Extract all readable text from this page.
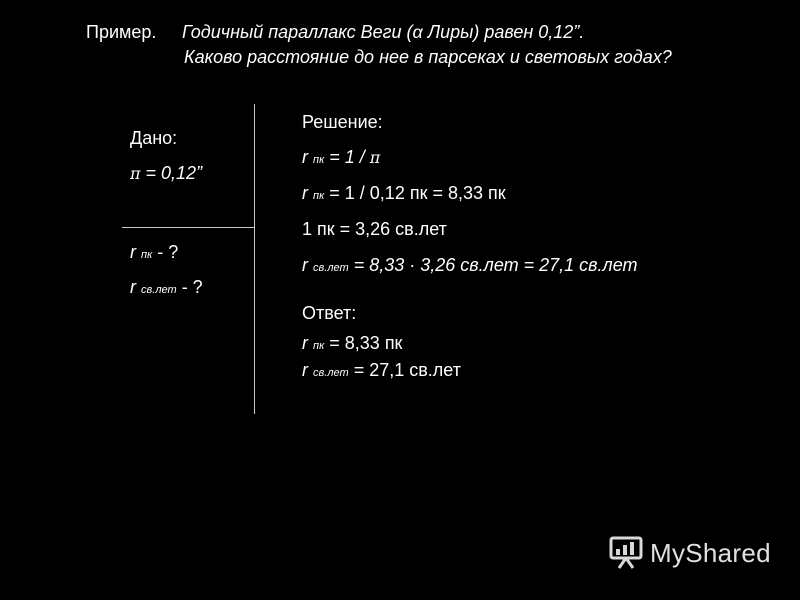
Пример. Годичный параллакс Веги (α Лиры) равен 0,12”.
Каково расстояние до нее в парсеках и световых годах?
Дано:
π = 0,12”
r пк - ?
r св.лет - ?
Решение:
r пк = 1 / π
r пк = 1 / 0,12 пк = 8,33 пк
1 пк = 3,26 св.лет
r св.лет = 8,33 · 3,26 св.лет = 27,1 св.лет
Ответ:
r пк = 8,33 пк
r св.лет = 27,1 св.лет
MyShared
